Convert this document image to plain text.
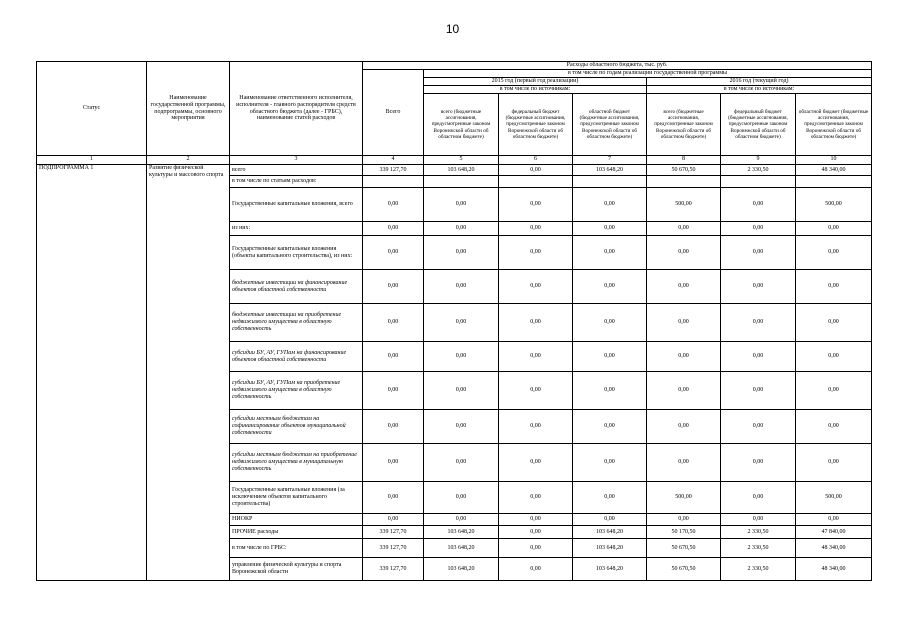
10
Статус	Наименование государственной программы, подпрограммы, основного мероприятия	Наименование ответственного исполнителя, исполнителя - главного распорядителя средств областного бюджета (далее - ГРБС), наименование статей расходов	Расходы областного бюджета, тыс. руб.						
			Всего	в том числе по годам реализации государственной программы					
				2015 год (первый год реализации)			2016 год (текущий год)		
				в том числе по источникам:			в том числе по источникам:		
				всего (бюджетные ассигнования, предусмотренные законом Воронежской области об областном бюджете)	федеральный бюджет (бюджетные ассигнования, предусмотренные законом Воронежской области об областном бюджете)	областной бюджет (бюджетные ассигнования, предусмотренные законом Воронежской области об областном бюджете)	всего (бюджетные ассигнования, предусмотренные законом Воронежской области об областном бюджете)	федеральный бюджет (бюджетные ассигнования, предусмотренные законом Воронежской области об областном бюджете)	областной бюджет (бюджетные ассигнования, предусмотренные законом Воронежской области об областном бюджете)
1	2	3	4	5	6	7	8	9	10
ПОДПРОГРАММА 1	Развитие физической культуры и массового спорта	всего	339 127,70	103 648,20	0,00	103 648,20	50 670,50	2 330,50	48 340,00
		в том числе по статьям расходов:							
		Государственные капитальные вложения, всего	0,00	0,00	0,00	0,00	500,00	0,00	500,00
		из них:	0,00	0,00	0,00	0,00	0,00	0,00	0,00
		Государственные капитальные вложения (объекты капитального строительства), из них:	0,00	0,00	0,00	0,00	0,00	0,00	0,00
		бюджетные инвестиции на финансирование объектов областной собственности	0,00	0,00	0,00	0,00	0,00	0,00	0,00
		бюджетные инвестиции на приобретение недвижимого имущества в областную собственность	0,00	0,00	0,00	0,00	0,00	0,00	0,00
		субсидии БУ, АУ, ГУПам на финансирование объектов областной собственности	0,00	0,00	0,00	0,00	0,00	0,00	0,00
		субсидии БУ, АУ, ГУПам на приобретение недвижимого имущества в областную собственность	0,00	0,00	0,00	0,00	0,00	0,00	0,00
		субсидии местным бюджетам на софинансирование объектов муниципальной собственности	0,00	0,00	0,00	0,00	0,00	0,00	0,00
		субсидии местным бюджетам на приобретение недвижимого имущества в муниципальную собственность	0,00	0,00	0,00	0,00	0,00	0,00	0,00
		Государственные капитальные вложения (за исключением объектов капитального строительства)	0,00	0,00	0,00	0,00	500,00	0,00	500,00
		НИОКР	0,00	0,00	0,00	0,00	0,00	0,00	0,00
		ПРОЧИЕ расходы	339 127,70	103 648,20	0,00	103 648,20	50 170,50	2 330,50	47 840,00
		в том числе по ГРБС:	339 127,70	103 648,20	0,00	103 648,20	50 670,50	2 330,50	48 340,00
		управление физической культуры и спорта Воронежской области	339 127,70	103 648,20	0,00	103 648,20	50 670,50	2 330,50	48 340,00
